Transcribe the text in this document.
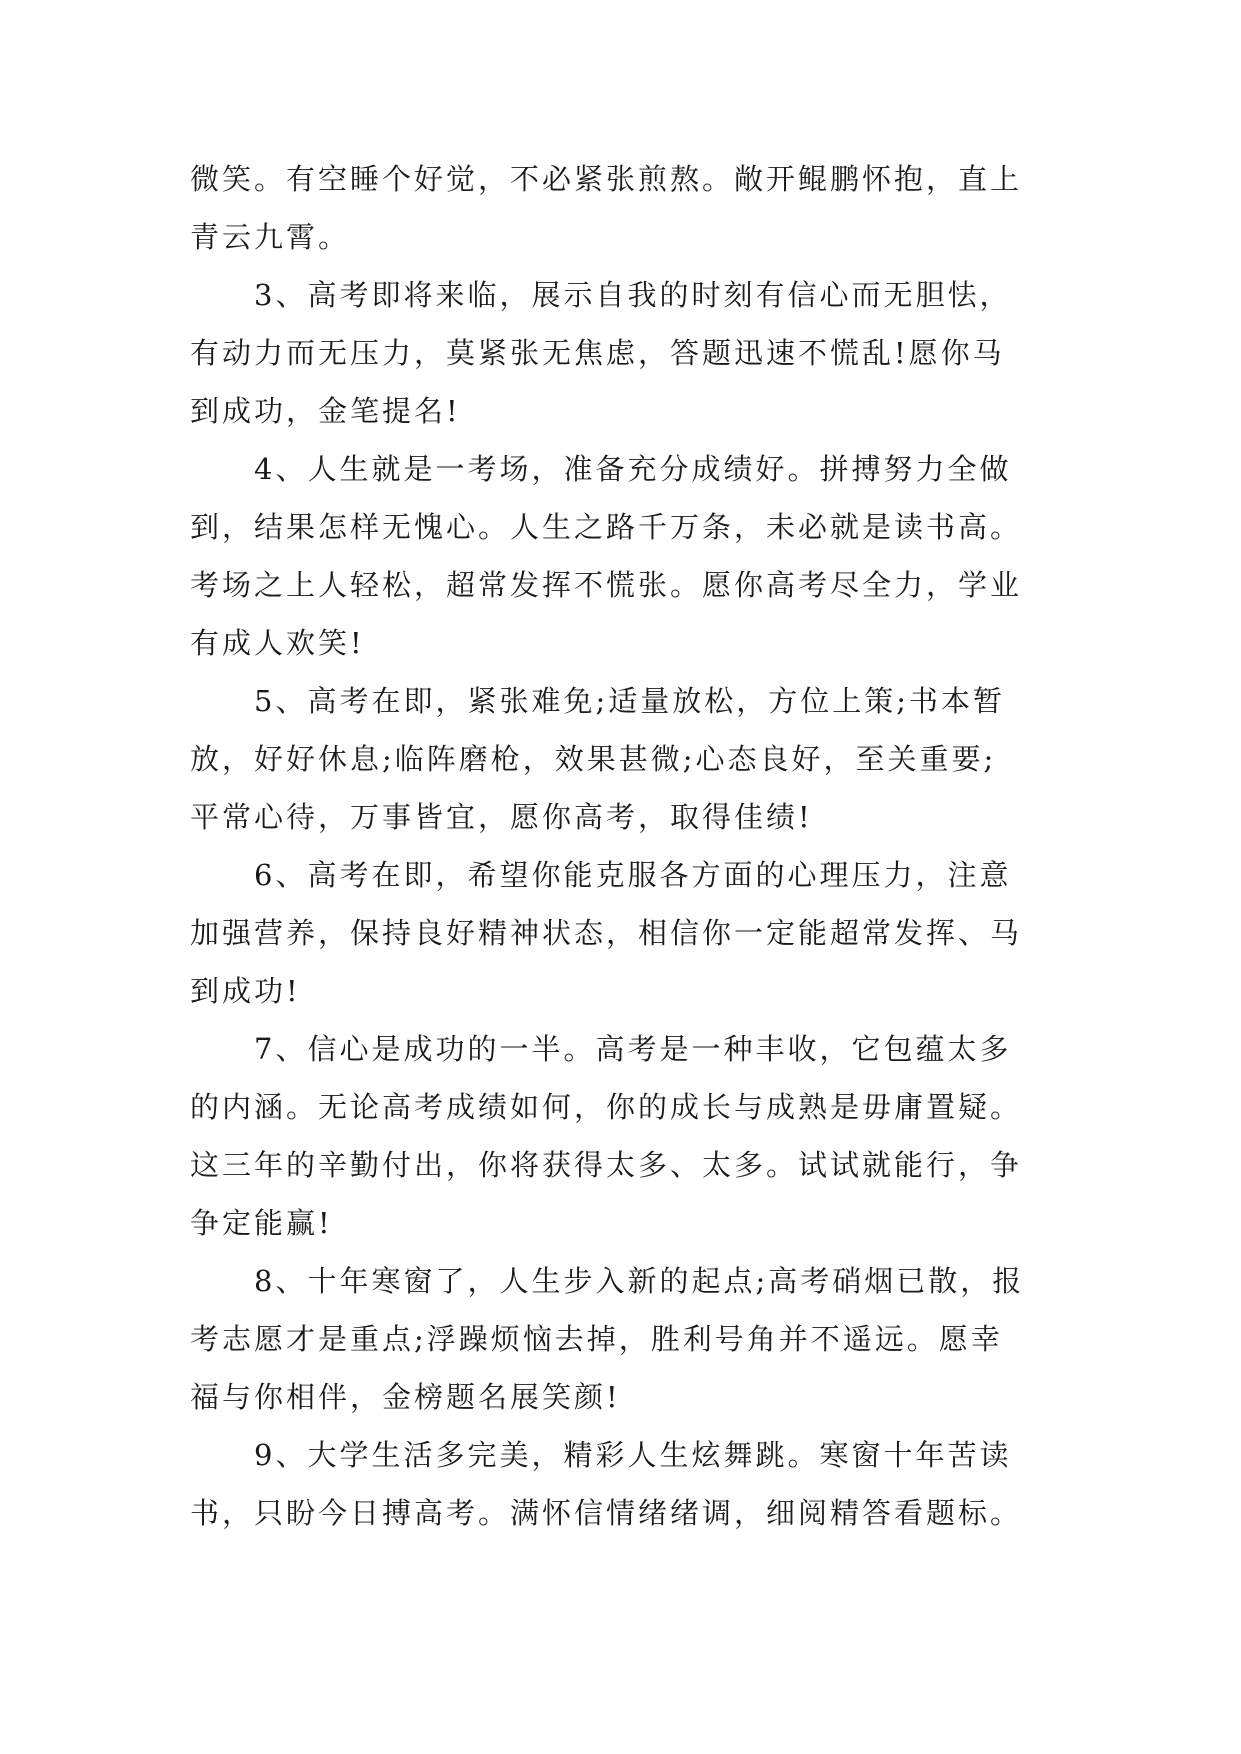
微笑。有空睡个好觉，不必紧张煎熬。敞开鲲鹏怀抱，直上
青云九霄。
3、高考即将来临，展示自我的时刻有信心而无胆怯，
有动力而无压力，莫紧张无焦虑，答题迅速不慌乱!愿你马
到成功，金笔提名!
4、人生就是一考场，准备充分成绩好。拼搏努力全做
到，结果怎样无愧心。人生之路千万条，未必就是读书高。
考场之上人轻松，超常发挥不慌张。愿你高考尽全力，学业
有成人欢笑!
5、高考在即，紧张难免;适量放松，方位上策;书本暂
放，好好休息;临阵磨枪，效果甚微;心态良好，至关重要;
平常心待，万事皆宜，愿你高考，取得佳绩!
6、高考在即，希望你能克服各方面的心理压力，注意
加强营养，保持良好精神状态，相信你一定能超常发挥、马
到成功!
7、信心是成功的一半。高考是一种丰收，它包蕴太多
的内涵。无论高考成绩如何，你的成长与成熟是毋庸置疑。
这三年的辛勤付出，你将获得太多、太多。试试就能行，争
争定能赢!
8、十年寒窗了，人生步入新的起点;高考硝烟已散，报
考志愿才是重点;浮躁烦恼去掉，胜利号角并不遥远。愿幸
福与你相伴，金榜题名展笑颜!
9、大学生活多完美，精彩人生炫舞跳。寒窗十年苦读
书，只盼今日搏高考。满怀信情绪绪调，细阅精答看题标。
